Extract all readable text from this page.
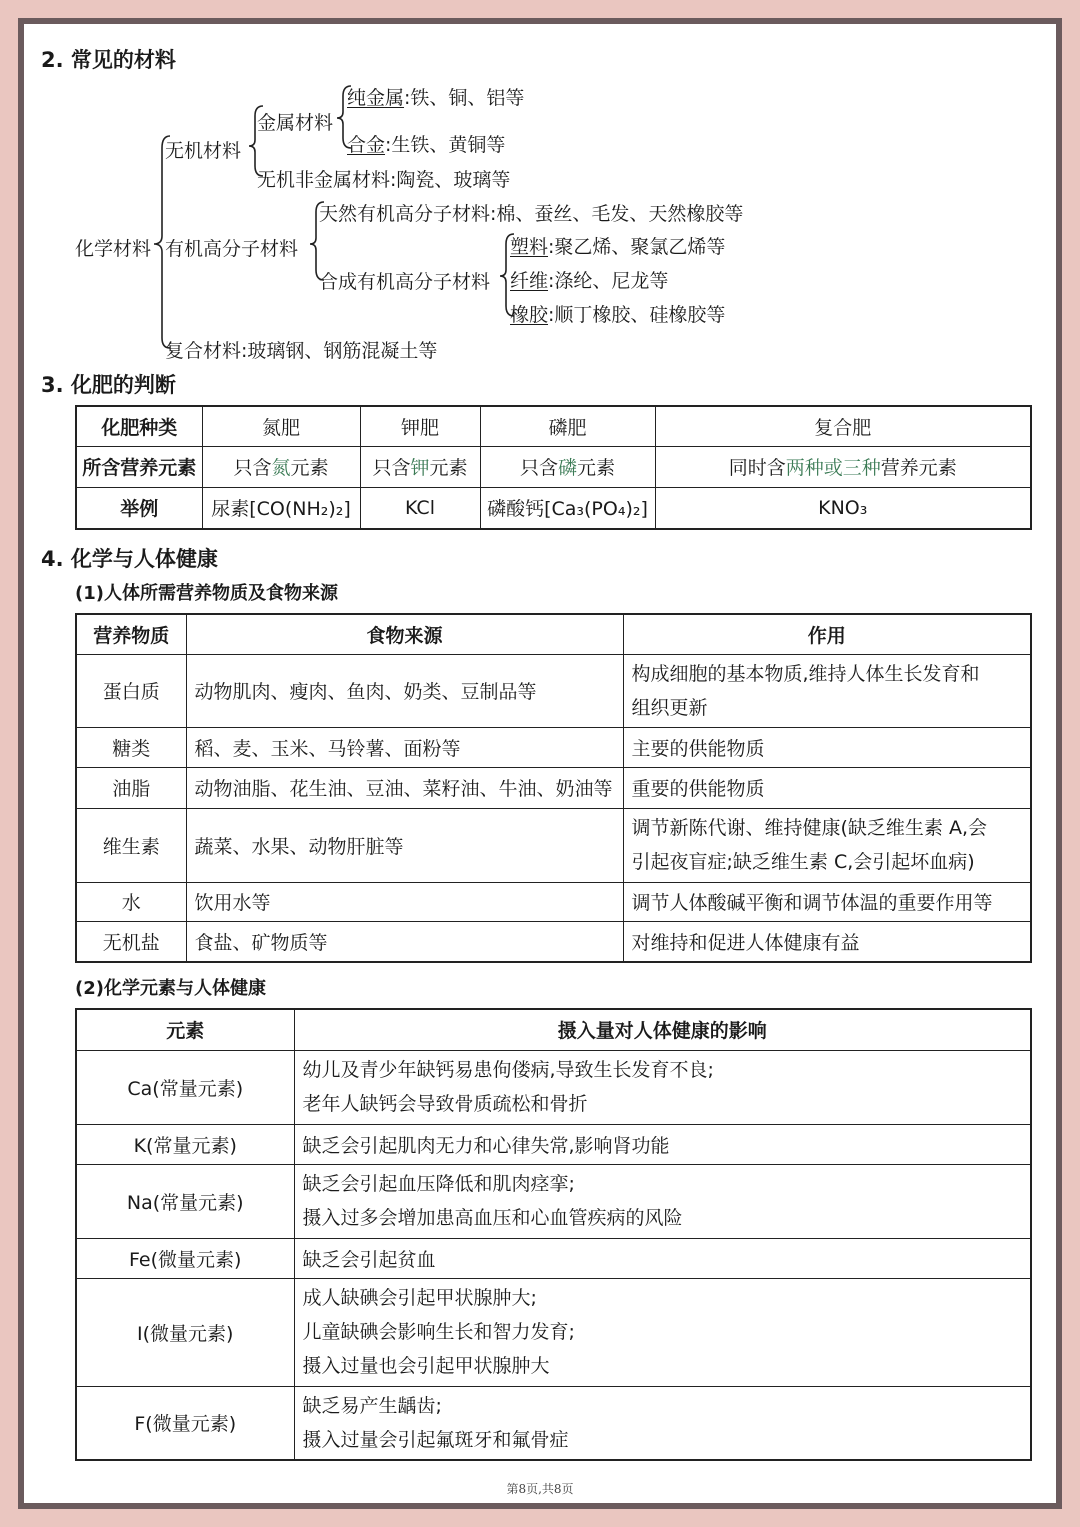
2. 常见的材料
化学材料
无机材料
金属材料
纯金属:铁、铜、铝等
合金:生铁、黄铜等
无机非金属材料:陶瓷、玻璃等
有机高分子材料
天然有机高分子材料:棉、蚕丝、毛发、天然橡胶等
合成有机高分子材料
塑料:聚乙烯、聚氯乙烯等
纤维:涤纶、尼龙等
橡胶:顺丁橡胶、硅橡胶等
复合材料:玻璃钢、钢筋混凝土等
3. 化肥的判断
化肥种类	氮肥	钾肥	磷肥	复合肥
所含营养元素	只含氮元素	只含钾元素	只含磷元素	同时含两种或三种营养元素
举例	尿素[CO(NH₂)₂]	KCl	磷酸钙[Ca₃(PO₄)₂]	KNO₃
4. 化学与人体健康
(1)人体所需营养物质及食物来源
营养物质	食物来源	作用
蛋白质	动物肌肉、瘦肉、鱼肉、奶类、豆制品等	构成细胞的基本物质,维持人体生长发育和
组织更新

糖类	稻、麦、玉米、马铃薯、面粉等	主要的供能物质
油脂	动物油脂、花生油、豆油、菜籽油、牛油、奶油等	重要的供能物质
维生素	蔬菜、水果、动物肝脏等	调节新陈代谢、维持健康(缺乏维生素 A,会
引起夜盲症;缺乏维生素 C,会引起坏血病)

水	饮用水等	调节人体酸碱平衡和调节体温的重要作用等
无机盐	食盐、矿物质等	对维持和促进人体健康有益
(2)化学元素与人体健康
元素	摄入量对人体健康的影响
Ca(常量元素)	幼儿及青少年缺钙易患佝偻病,导致生长发育不良;
老年人缺钙会导致骨质疏松和骨折

K(常量元素)	缺乏会引起肌肉无力和心律失常,影响肾功能
Na(常量元素)	缺乏会引起血压降低和肌肉痉挛;
摄入过多会增加患高血压和心血管疾病的风险

Fe(微量元素)	缺乏会引起贫血
I(微量元素)	成人缺碘会引起甲状腺肿大;
儿童缺碘会影响生长和智力发育;
摄入过量也会引起甲状腺肿大

F(微量元素)	缺乏易产生龋齿;
摄入过量会引起氟斑牙和氟骨症
第8页,共8页
